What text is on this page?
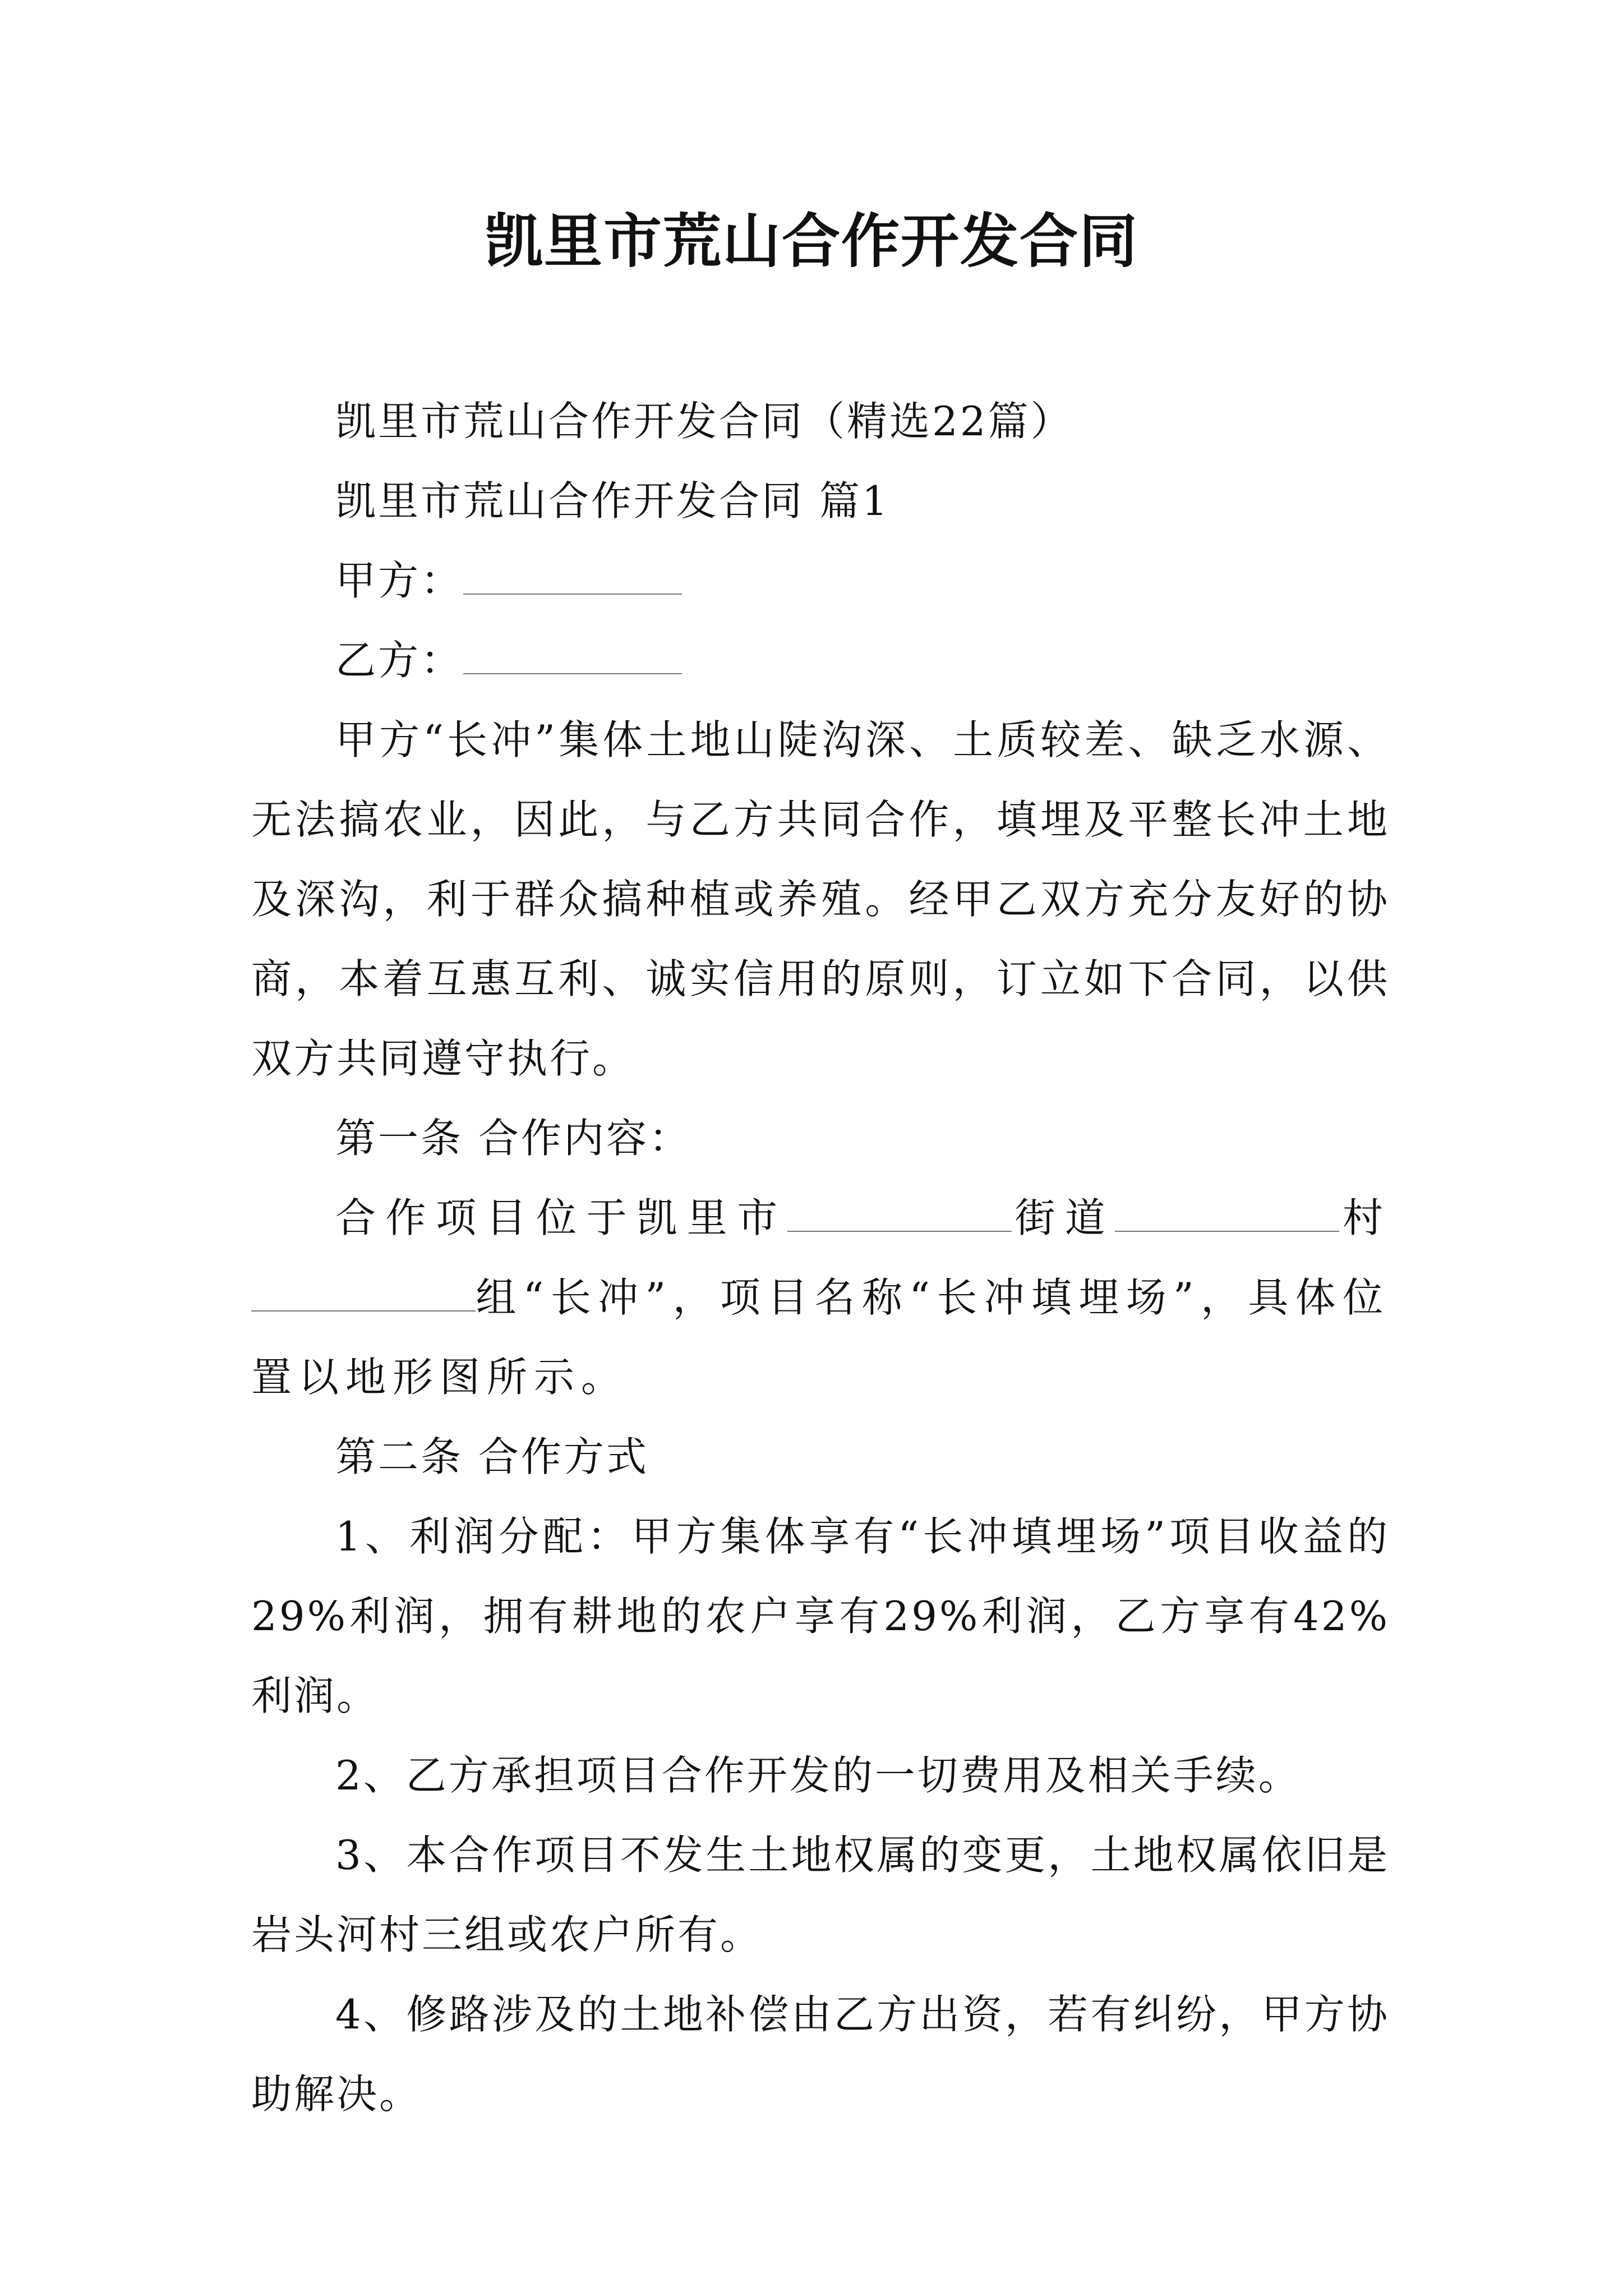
凯里市荒山合作开发合同

凯里市荒山合作开发合同（精选22篇）

凯里市荒山合作开发合同 篇1

甲方：

乙方：

甲方“长冲”集体土地山陡沟深、土质较差、缺乏水源、无法搞农业，因此，与乙方共同合作，填埋及平整长冲土地及深沟，利于群众搞种植或养殖。经甲乙双方充分友好的协商，本着互惠互利、诚实信用的原则，订立如下合同，以供双方共同遵守执行。

第一条 合作内容：

合作项目位于凯里市	街道	村组“长冲”，项目名称“长冲填埋场”，具体位置以地形图所示。

第二条 合作方式

1、利润分配：甲方集体享有“长冲填埋场”项目收益的29%利润，拥有耕地的农户享有29%利润，乙方享有42%利润。

2、乙方承担项目合作开发的一切费用及相关手续。

3、本合作项目不发生土地权属的变更，土地权属依旧是岩头河村三组或农户所有。

4、修路涉及的土地补偿由乙方出资，若有纠纷，甲方协助解决。
